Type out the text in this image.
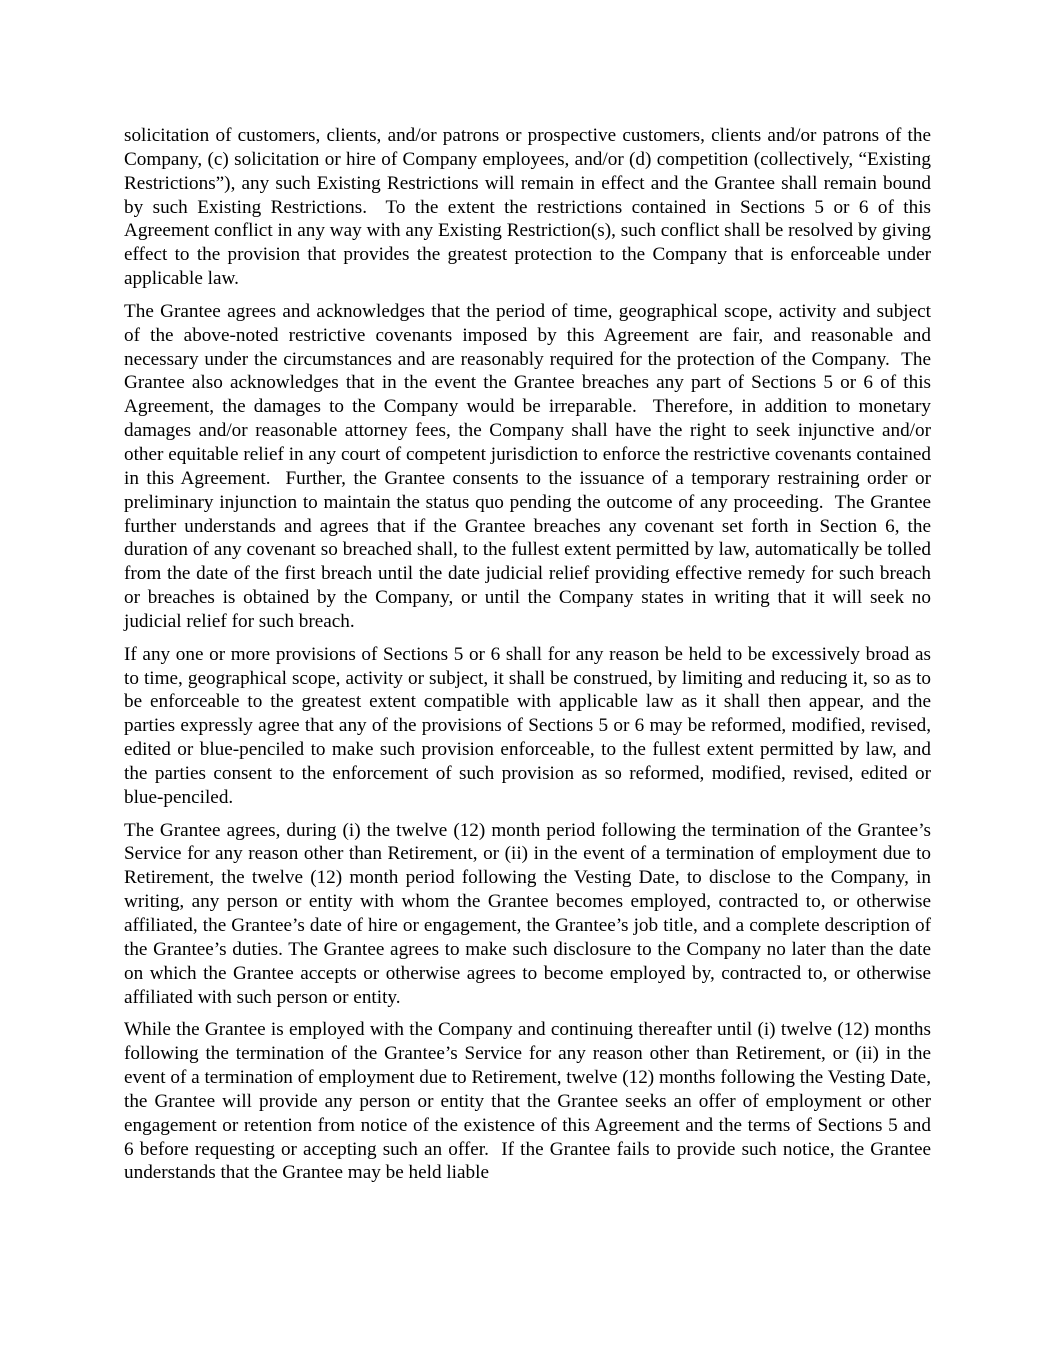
solicitation of customers, clients, and/or patrons or prospective customers, clients and/or patrons of the Company, (c) solicitation or hire of Company employees, and/or (d) competition (collectively, “Existing Restrictions”), any such Existing Restrictions will remain in effect and the Grantee shall remain bound by such Existing Restrictions.  To the extent the restrictions contained in Sections 5 or 6 of this Agreement conflict in any way with any Existing Restriction(s), such conflict shall be resolved by giving effect to the provision that provides the greatest protection to the Company that is enforceable under applicable law.

The Grantee agrees and acknowledges that the period of time, geographical scope, activity and subject of the above-noted restrictive covenants imposed by this Agreement are fair, and reasonable and necessary under the circumstances and are reasonably required for the protection of the Company.  The Grantee also acknowledges that in the event the Grantee breaches any part of Sections 5 or 6 of this Agreement, the damages to the Company would be irreparable.  Therefore, in addition to monetary damages and/or reasonable attorney fees, the Company shall have the right to seek injunctive and/or other equitable relief in any court of competent jurisdiction to enforce the restrictive covenants contained in this Agreement.  Further, the Grantee consents to the issuance of a temporary restraining order or preliminary injunction to maintain the status quo pending the outcome of any proceeding.  The Grantee further understands and agrees that if the Grantee breaches any covenant set forth in Section 6, the duration of any covenant so breached shall, to the fullest extent permitted by law, automatically be tolled from the date of the first breach until the date judicial relief providing effective remedy for such breach or breaches is obtained by the Company, or until the Company states in writing that it will seek no judicial relief for such breach.

If any one or more provisions of Sections 5 or 6 shall for any reason be held to be excessively broad as to time, geographical scope, activity or subject, it shall be construed, by limiting and reducing it, so as to be enforceable to the greatest extent compatible with applicable law as it shall then appear, and the parties expressly agree that any of the provisions of Sections 5 or 6 may be reformed, modified, revised, edited or blue-penciled to make such provision enforceable, to the fullest extent permitted by law, and the parties consent to the enforcement of such provision as so reformed, modified, revised, edited or blue-penciled.

The Grantee agrees, during (i) the twelve (12) month period following the termination of the Grantee’s Service for any reason other than Retirement, or (ii) in the event of a termination of employment due to Retirement, the twelve (12) month period following the Vesting Date, to disclose to the Company, in writing, any person or entity with whom the Grantee becomes employed, contracted to, or otherwise affiliated, the Grantee’s date of hire or engagement, the Grantee’s job title, and a complete description of the Grantee’s duties. The Grantee agrees to make such disclosure to the Company no later than the date on which the Grantee accepts or otherwise agrees to become employed by, contracted to, or otherwise affiliated with such person or entity.

While the Grantee is employed with the Company and continuing thereafter until (i) twelve (12) months following the termination of the Grantee’s Service for any reason other than Retirement, or (ii) in the event of a termination of employment due to Retirement, twelve (12) months following the Vesting Date, the Grantee will provide any person or entity that the Grantee seeks an offer of employment or other engagement or retention from notice of the existence of this Agreement and the terms of Sections 5 and 6 before requesting or accepting such an offer.  If the Grantee fails to provide such notice, the Grantee understands that the Grantee may be held liable
